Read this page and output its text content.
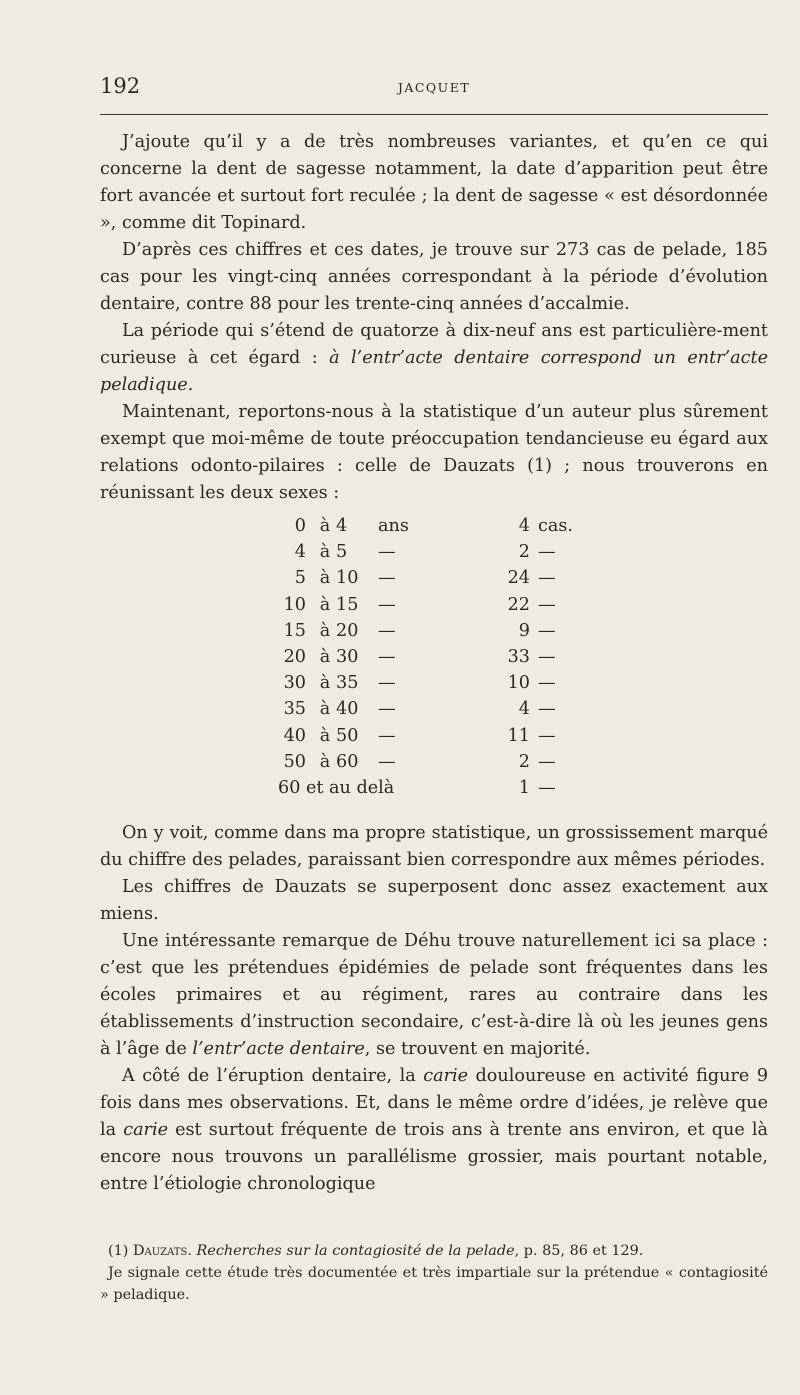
192	JACQUET

J’ajoute qu’il y a de très nombreuses variantes, et qu’en ce qui concerne la dent de sagesse notamment, la date d’apparition peut être fort avancée et surtout fort reculée ; la dent de sagesse « est désordonnée », comme dit Topinard.

D’après ces chiffres et ces dates, je trouve sur 273 cas de pelade, 185 cas pour les vingt-cinq années correspondant à la période d’évolution dentaire, contre 88 pour les trente-cinq années d’accalmie.

La période qui s’étend de quatorze à dix-neuf ans est particulière-ment curieuse à cet égard : à l’entr’acte dentaire correspond un entr’acte peladique.

Maintenant, reportons-nous à la statistique d’un auteur plus sûrement exempt que moi-même de toute préoccupation tendancieuse eu égard aux relations odonto-pilaires : celle de Dauzats (1) ; nous trouverons en réunissant les deux sexes :

0 à 4	ans	4 cas.
4 à 5	—	2 —
5 à 10	—	24 —
10 à 15	—	22 —
15 à 20	—	9 —
20 à 30	—	33 —
30 à 35	—	10 —
35 à 40	—	4 —
40 à 50	—	11 —
50 à 60	—	2 —
60 et au delà	1 —

On y voit, comme dans ma propre statistique, un grossissement marqué du chiffre des pelades, paraissant bien correspondre aux mêmes périodes.

Les chiffres de Dauzats se superposent donc assez exactement aux miens.

Une intéressante remarque de Déhu trouve naturellement ici sa place : c’est que les prétendues épidémies de pelade sont fréquentes dans les écoles primaires et au régiment, rares au contraire dans les établissements d’instruction secondaire, c’est-à-dire là où les jeunes gens à l’âge de l’entr’acte dentaire, se trouvent en majorité.

A côté de l’éruption dentaire, la carie douloureuse en activité figure 9 fois dans mes observations. Et, dans le même ordre d’idées, je relève que la carie est surtout fréquente de trois ans à trente ans environ, et que là encore nous trouvons un parallélisme grossier, mais pourtant notable, entre l’étiologie chronologique

(1) Dauzats. Recherches sur la contagiosité de la pelade, p. 85, 86 et 129.

Je signale cette étude très documentée et très impartiale sur la prétendue « contagiosité » peladique.
